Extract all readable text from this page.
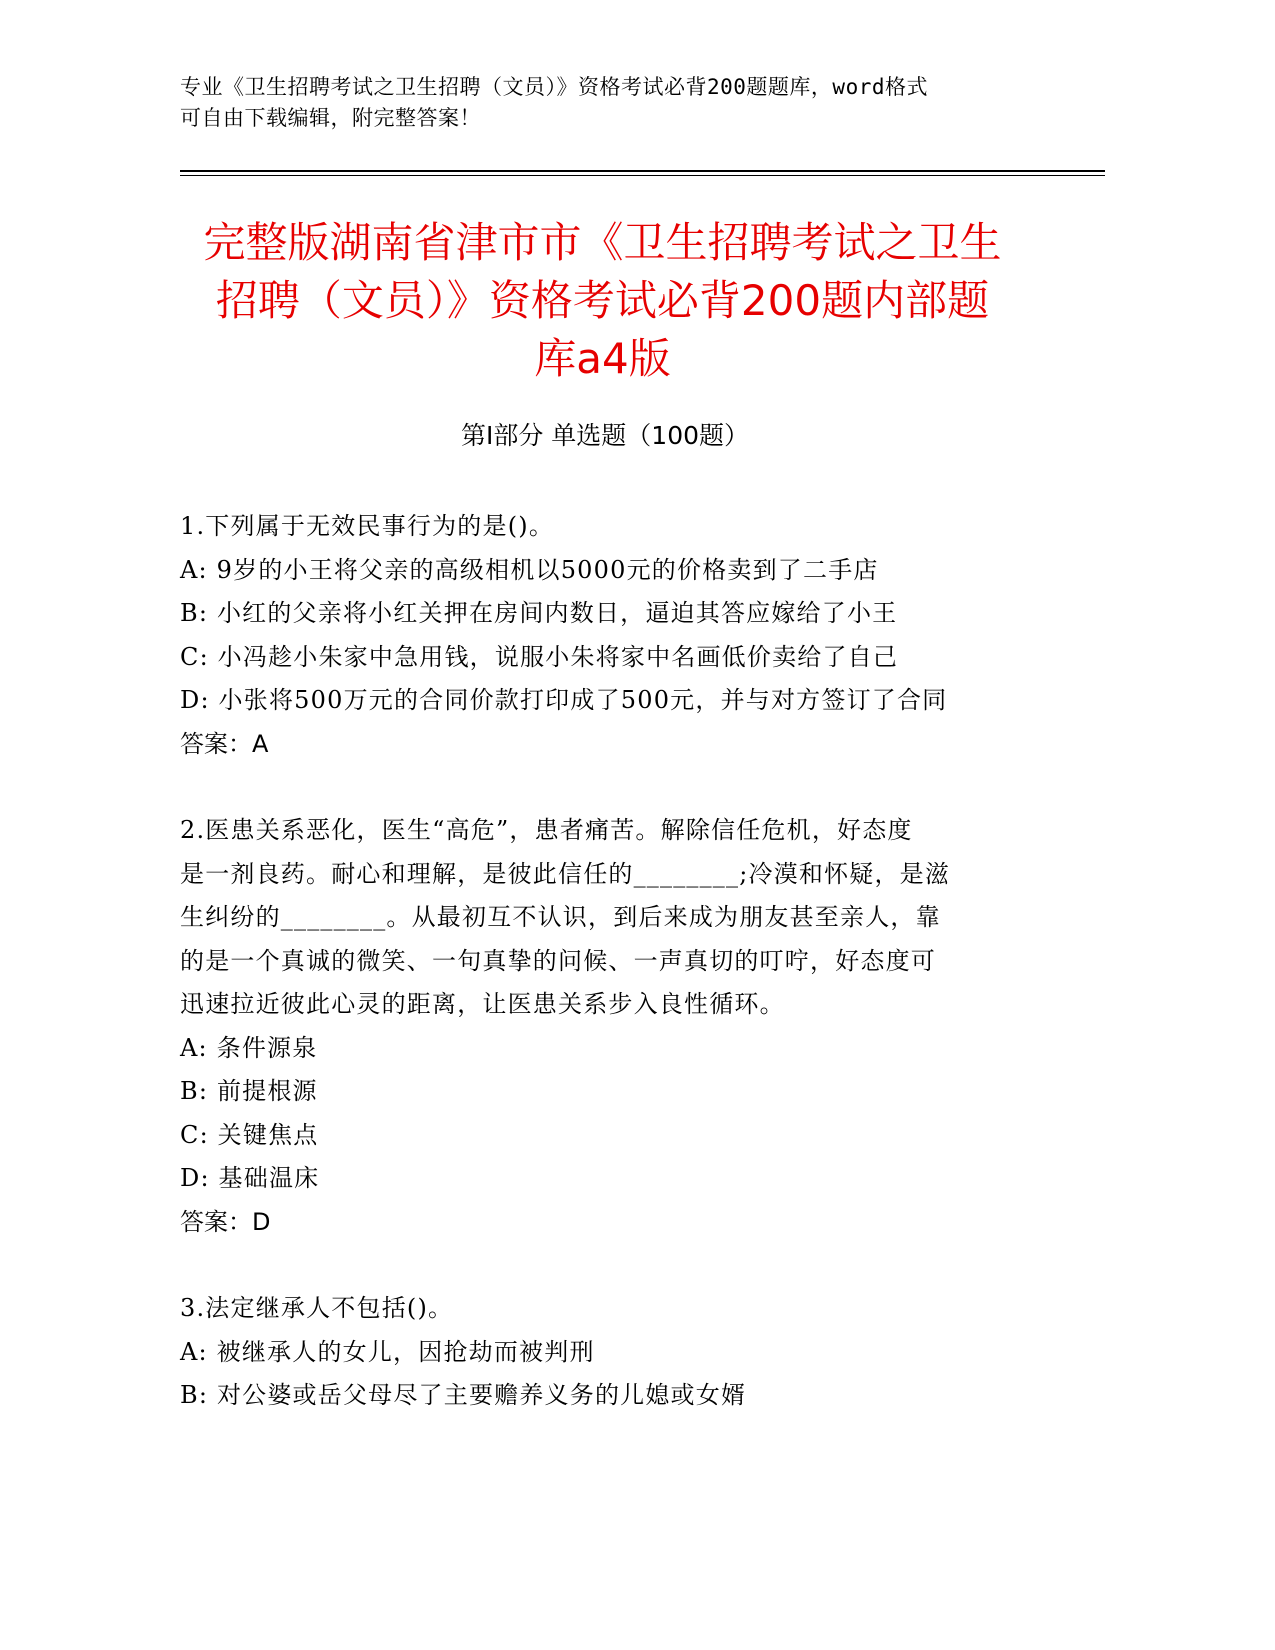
专业《卫生招聘考试之卫生招聘（文员）》资格考试必背200题题库，word格式
可自由下载编辑，附完整答案！
完整版湖南省津市市《卫生招聘考试之卫生
招聘（文员）》资格考试必背200题内部题
库a4版
第I部分 单选题（100题）
1.下列属于无效民事行为的是()。
A: 9岁的小王将父亲的高级相机以5000元的价格卖到了二手店
B: 小红的父亲将小红关押在房间内数日，逼迫其答应嫁给了小王
C: 小冯趁小朱家中急用钱，说服小朱将家中名画低价卖给了自己
D: 小张将500万元的合同价款打印成了500元，并与对方签订了合同
答案：A
2.医患关系恶化，医生“高危”，患者痛苦。解除信任危机，好态度
是一剂良药。耐心和理解，是彼此信任的________;冷漠和怀疑，是滋
生纠纷的________。从最初互不认识，到后来成为朋友甚至亲人，靠
的是一个真诚的微笑、一句真挚的问候、一声真切的叮咛，好态度可
迅速拉近彼此心灵的距离，让医患关系步入良性循环。
A: 条件源泉
B: 前提根源
C: 关键焦点
D: 基础温床
答案：D
3.法定继承人不包括()。
A: 被继承人的女儿，因抢劫而被判刑
B: 对公婆或岳父母尽了主要赡养义务的儿媳或女婿
